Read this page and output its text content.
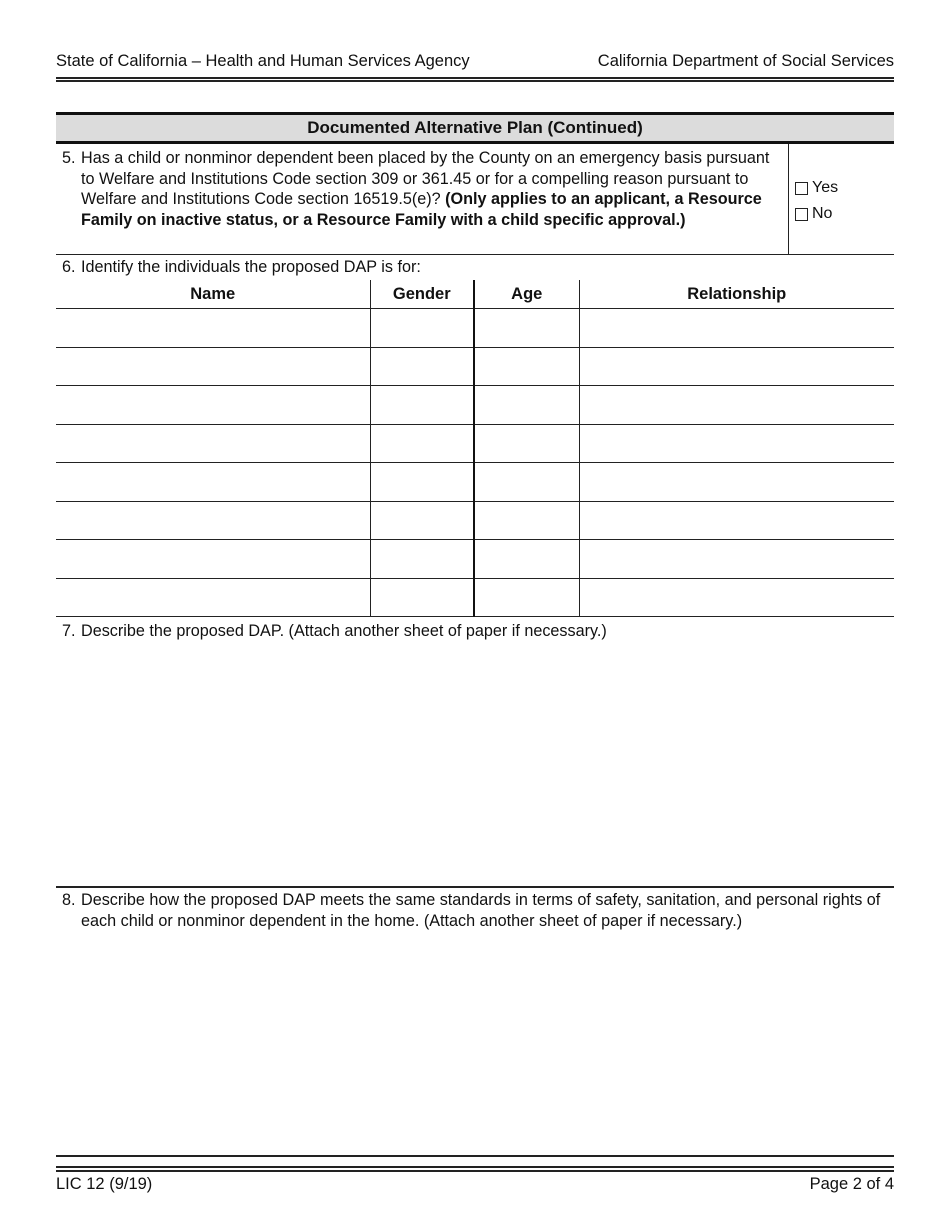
State of California – Health and Human Services Agency	California Department of Social Services
Documented Alternative Plan (Continued)
5. Has a child or nonminor dependent been placed by the County on an emergency basis pursuant to Welfare and Institutions Code section 309 or 361.45 or for a compelling reason pursuant to Welfare and Institutions Code section 16519.5(e)? (Only applies to an applicant, a Resource Family on inactive status, or a Resource Family with a child specific approval.)
Yes
No
6. Identify the individuals the proposed DAP is for:
Name	Gender	Age	Relationship

7. Describe the proposed DAP. (Attach another sheet of paper if necessary.)
8. Describe how the proposed DAP meets the same standards in terms of safety, sanitation, and personal rights of each child or nonminor dependent in the home. (Attach another sheet of paper if necessary.)
LIC 12 (9/19)	Page 2 of 4
